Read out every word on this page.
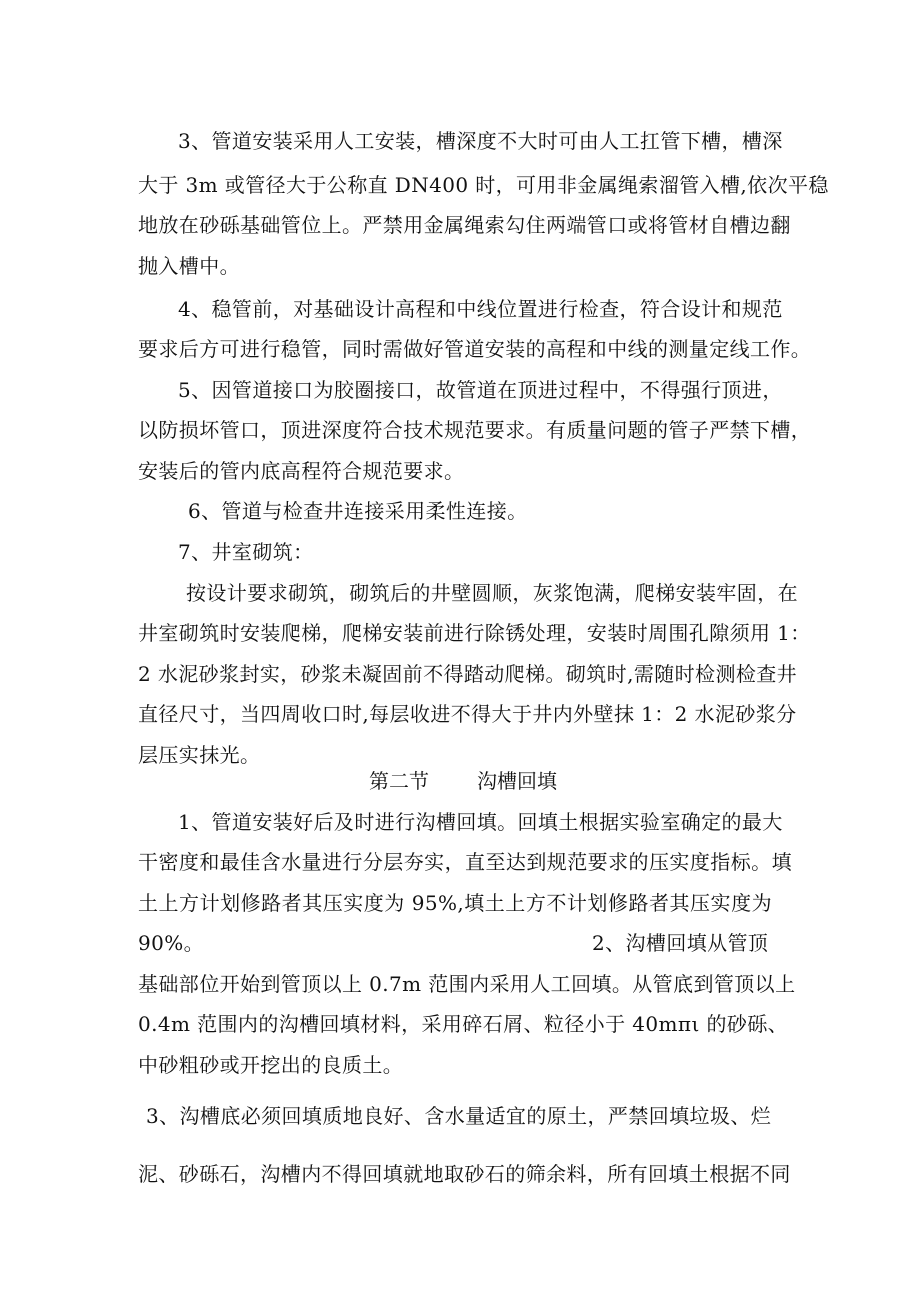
3、管道安装采用人工安装，槽深度不大时可由人工扛管下槽，槽深
大于 3m 或管径大于公称直 DN400 时，可用非金属绳索溜管入槽,依次平稳
地放在砂砾基础管位上。严禁用金属绳索勾住两端管口或将管材自槽边翻
抛入槽中。
4、稳管前，对基础设计高程和中线位置进行检查，符合设计和规范
要求后方可进行稳管，同时需做好管道安装的高程和中线的测量定线工作。
5、因管道接口为胶圈接口，故管道在顶进过程中，不得强行顶进，
以防损坏管口，顶进深度符合技术规范要求。有质量问题的管子严禁下槽，
安装后的管内底高程符合规范要求。
6、管道与检查井连接采用柔性连接。
7、井室砌筑：
按设计要求砌筑，砌筑后的井壁圆顺，灰浆饱满，爬梯安装牢固，在
井室砌筑时安装爬梯，爬梯安装前进行除锈处理，安装时周围孔隙须用 1：
2 水泥砂浆封实，砂浆未凝固前不得踏动爬梯。砌筑时,需随时检测检查井
直径尺寸，当四周收口时,每层收进不得大于井内外壁抹 1：2 水泥砂浆分
层压实抹光。
第二节 沟槽回填
1、管道安装好后及时进行沟槽回填。回填土根据实验室确定的最大
干密度和最佳含水量进行分层夯实，直至达到规范要求的压实度指标。填
土上方计划修路者其压实度为 95%,填土上方不计划修路者其压实度为
90%。	2、沟槽回填从管顶
基础部位开始到管顶以上 0.7m 范围内采用人工回填。从管底到管顶以上
0.4m 范围内的沟槽回填材料，采用碎石屑、粒径小于 40mπι 的砂砾、
中砂粗砂或开挖出的良质土。
3、沟槽底必须回填质地良好、含水量适宜的原土，严禁回填垃圾、烂
泥、砂砾石，沟槽内不得回填就地取砂石的筛余料，所有回填土根据不同
